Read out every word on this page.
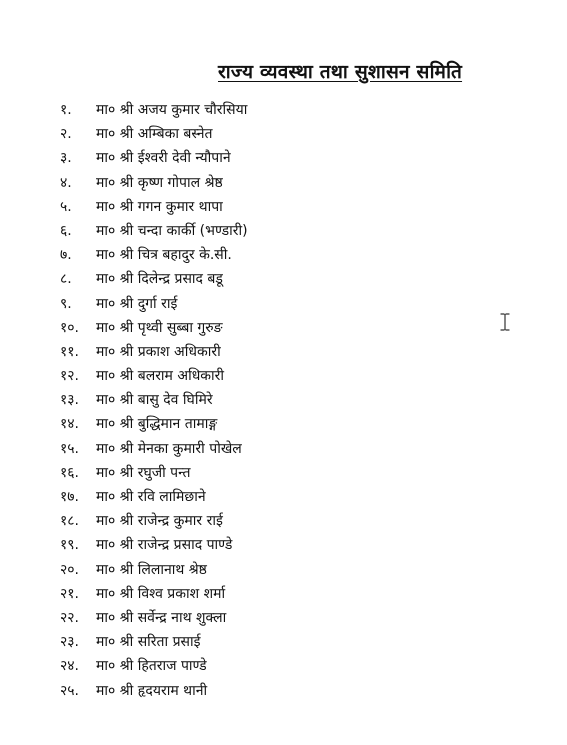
राज्य व्यवस्था तथा सुशासन समिति
१. मा० श्री अजय कुमार चौरसिया
२. मा० श्री अम्बिका बस्नेत
३. मा० श्री ईश्वरी देवी न्यौपाने
४. मा० श्री कृष्ण गोपाल श्रेष्ठ
५. मा० श्री गगन कुमार थापा
६. मा० श्री चन्दा कार्की (भण्डारी)
७. मा० श्री चित्र बहादुर के.सी.
८. मा० श्री दिलेन्द्र प्रसाद बडू
९. मा० श्री दुर्गा राई
१०. मा० श्री पृथ्वी सुब्बा गुरुङ
११. मा० श्री प्रकाश अधिकारी
१२. मा० श्री बलराम अधिकारी
१३. मा० श्री बासु देव घिमिरे
१४. मा० श्री बुद्धिमान तामाङ्ग
१५. मा० श्री मेनका कुमारी पोखेल
१६. मा० श्री रघुजी पन्त
१७. मा० श्री रवि लामिछाने
१८. मा० श्री राजेन्द्र कुमार राई
१९. मा० श्री राजेन्द्र प्रसाद पाण्डे
२०. मा० श्री लिलानाथ श्रेष्ठ
२१. मा० श्री विश्व प्रकाश शर्मा
२२. मा० श्री सर्वेन्द्र नाथ शुक्ला
२३. मा० श्री सरिता प्रसाई
२४. मा० श्री हितराज पाण्डे
२५. मा० श्री हृदयराम थानी
